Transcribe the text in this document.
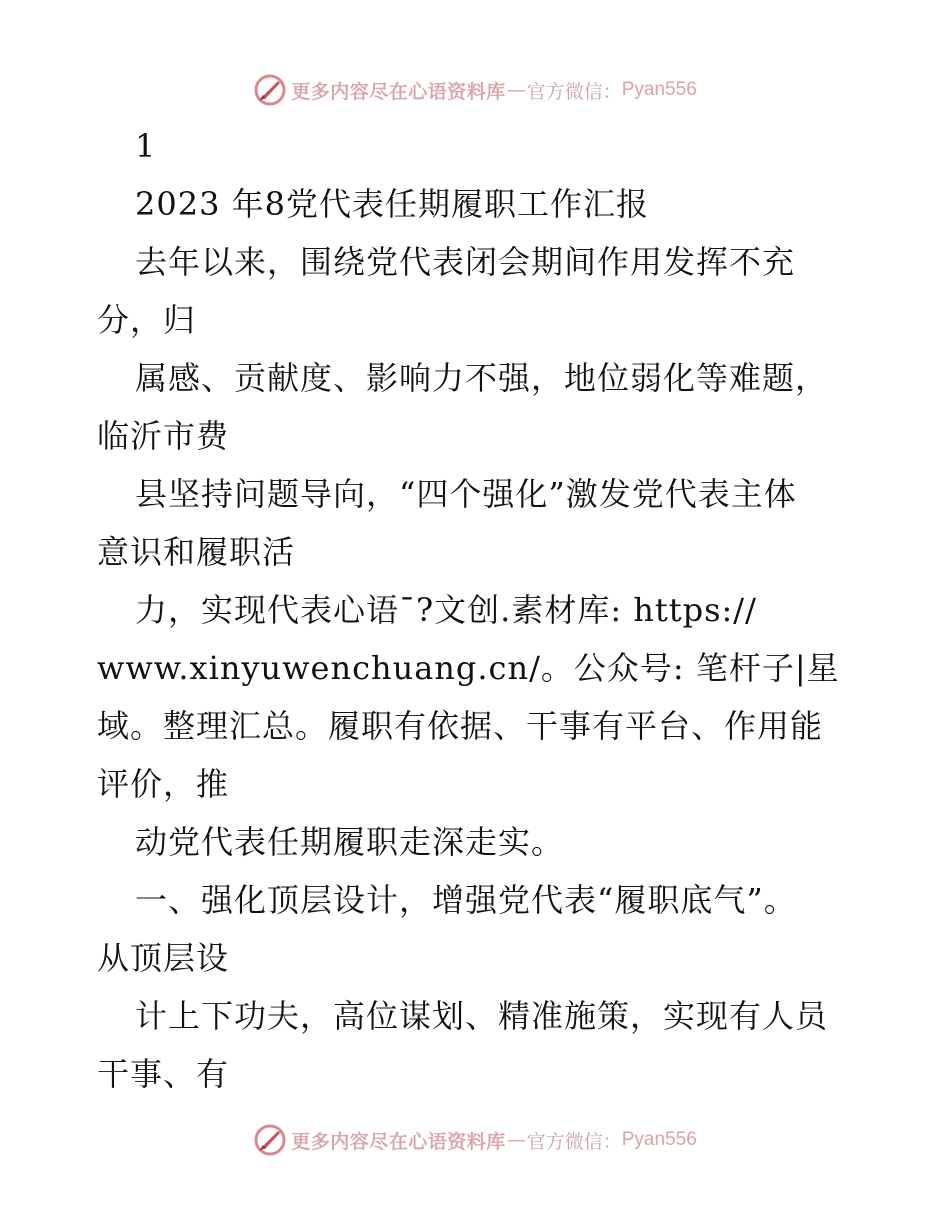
更多内容尽在心语资料库 — 官方微信： Pyan556
1
2023 年8党代表任期履职工作汇报
去年以来，围绕党代表闭会期间作用发挥不充
分，归
属感、贡献度、影响力不强，地位弱化等难题，
临沂市费
县坚持问题导向，“四个强化”激发党代表主体
意识和履职活
力，实现代表心语¯?文创.素材库: https://
www.xinyuwenchuang.cn/。公众号: 笔杆子|星
域。整理汇总。履职有依据、干事有平台、作用能
评价，推
动党代表任期履职走深走实。
一、强化顶层设计，增强党代表“履职底气”。
从顶层设
计上下功夫，高位谋划、精准施策，实现有人员
干事、有
更多内容尽在心语资料库 — 官方微信： Pyan556
